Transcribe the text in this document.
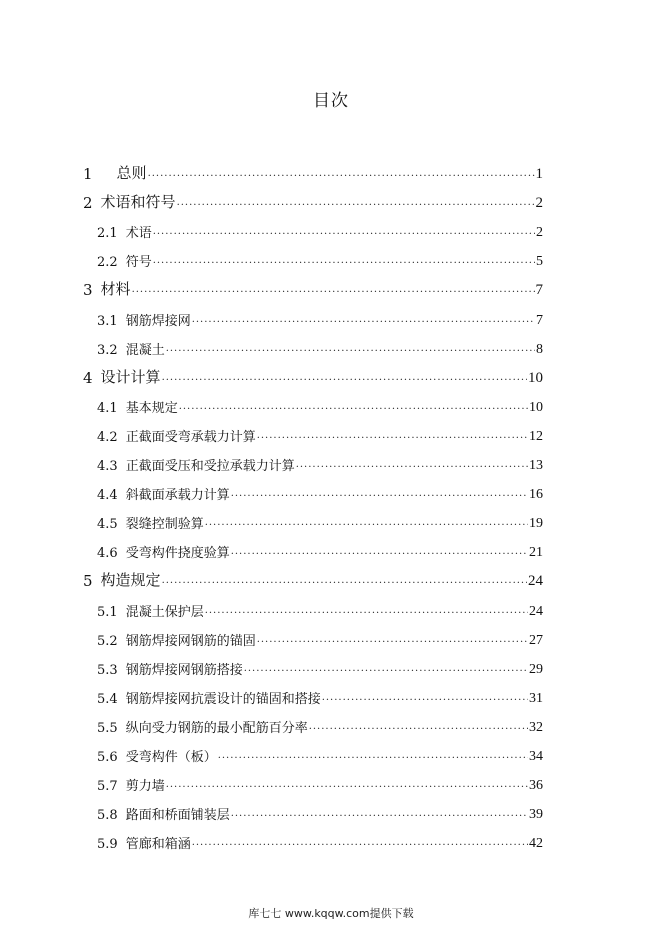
目次
1	总则 .....	1
2 术语和符号 .....	2
2.1 术语 .....	2
2.2 符号 .....	5
3 材料 .....	7
3.1 钢筋焊接网 .....	7
3.2 混凝土 .....	8
4 设计计算 .....	10
4.1 基本规定 .....	10
4.2 正截面受弯承载力计算 .....	12
4.3 正截面受压和受拉承载力计算 .....	13
4.4 斜截面承载力计算 .....	16
4.5 裂缝控制验算 .....	19
4.6 受弯构件挠度验算 .....	21
5 构造规定 .....	24
5.1 混凝土保护层 .....	24
5.2 钢筋焊接网钢筋的锚固 .....	27
5.3 钢筋焊接网钢筋搭接 .....	29
5.4 钢筋焊接网抗震设计的锚固和搭接 .....	31
5.5 纵向受力钢筋的最小配筋百分率 .....	32
5.6 受弯构件（板） .....	34
5.7 剪力墙 .....	36
5.8 路面和桥面铺装层 .....	39
5.9 管廊和箱涵 .....	42
库七七 www.kqqw.com提供下载
